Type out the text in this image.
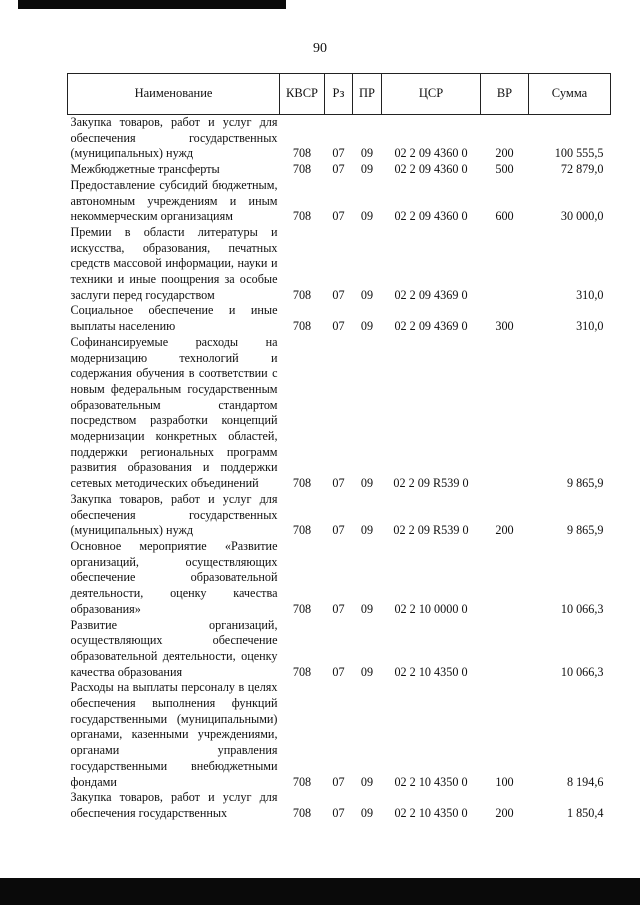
90
Наименование	КВСР	Рз	ПР	ЦСР	ВР	Сумма
Закупка товаров, работ и услуг для обеспечения государственных (муниципальных) нужд	708	07	09	02 2 09 4360 0	200	100 555,5
Межбюджетные трансферты	708	07	09	02 2 09 4360 0	500	72 879,0
Предоставление субсидий бюджетным, автономным учреждениям и иным некоммерческим организациям	708	07	09	02 2 09 4360 0	600	30 000,0
Премии в области литературы и искусства, образования, печатных средств массовой информации, науки и техники и иные поощрения за особые заслуги перед государством	708	07	09	02 2 09 4369 0		310,0
Социальное обеспечение и иные выплаты населению	708	07	09	02 2 09 4369 0	300	310,0
Софинансируемые расходы на модернизацию технологий и содержания обучения в соответствии с новым федеральным государственным образовательным стандартом посредством разработки концепций модернизации конкретных областей, поддержки региональных программ развития образования и поддержки сетевых методических объединений	708	07	09	02 2 09 R539 0		9 865,9
Закупка товаров, работ и услуг для обеспечения государственных (муниципальных) нужд	708	07	09	02 2 09 R539 0	200	9 865,9
Основное мероприятие «Развитие организаций, осуществляющих обеспечение образовательной деятельности, оценку качества образования»	708	07	09	02 2 10 0000 0		10 066,3
Развитие организаций, осуществляющих обеспечение образовательной деятельности, оценку качества образования	708	07	09	02 2 10 4350 0		10 066,3
Расходы на выплаты персоналу в целях обеспечения выполнения функций государственными (муниципальными) органами, казенными учреждениями, органами управления государственными внебюджетными фондами	708	07	09	02 2 10 4350 0	100	8 194,6
Закупка товаров, работ и услуг для обеспечения государственных	708	07	09	02 2 10 4350 0	200	1 850,4
